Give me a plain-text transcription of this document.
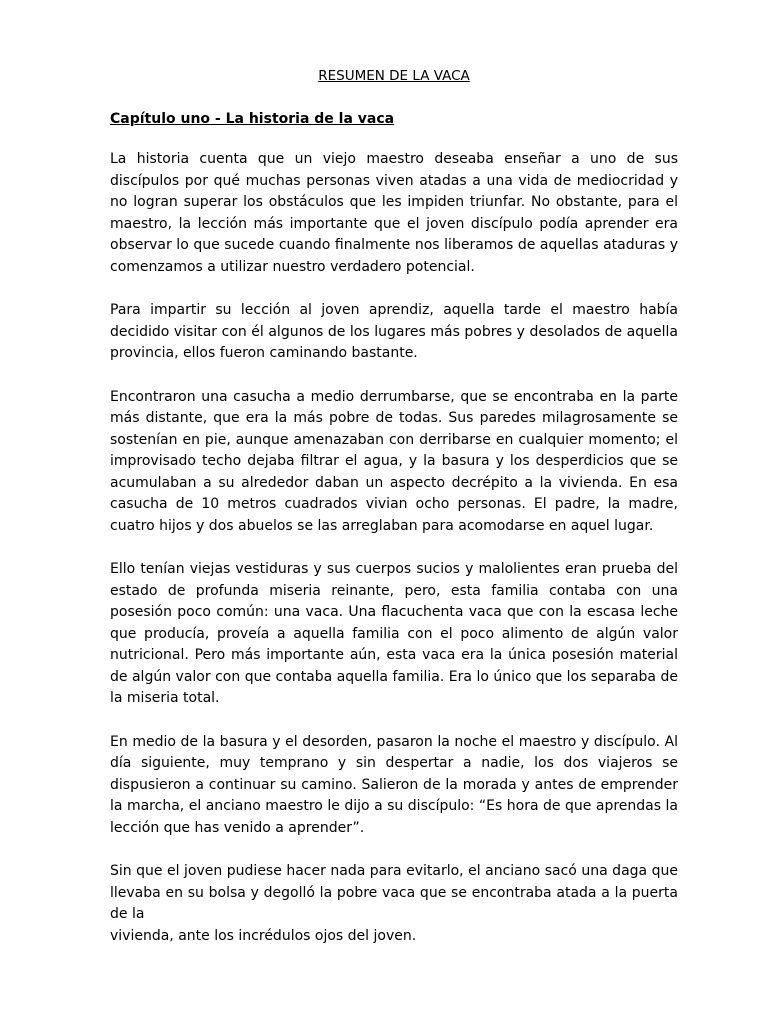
RESUMEN DE LA VACA
Capítulo uno - La historia de la vaca

La historia cuenta que un viejo maestro deseaba enseñar a uno de sus discípulos por qué muchas personas viven atadas a una vida de mediocridad y no logran superar los obstáculos que les impiden triunfar. No obstante, para el maestro, la lección más importante que el joven discípulo podía aprender era observar lo que sucede cuando finalmente nos liberamos de aquellas ataduras y comenzamos a utilizar nuestro verdadero potencial.

Para impartir su lección al joven aprendiz, aquella tarde el maestro había decidido visitar con él algunos de los lugares más pobres y desolados de aquella provincia, ellos fueron caminando bastante.

Encontraron una casucha a medio derrumbarse, que se encontraba en la parte más distante, que era la más pobre de todas. Sus paredes milagrosamente se sostenían en pie, aunque amenazaban con derribarse en cualquier momento; el improvisado techo dejaba filtrar el agua, y la basura y los desperdicios que se acumulaban a su alrededor daban un aspecto decrépito a la vivienda. En esa casucha de 10 metros cuadrados vivian ocho personas. El padre, la madre, cuatro hijos y dos abuelos se las arreglaban para acomodarse en aquel lugar.

Ello tenían viejas vestiduras y sus cuerpos sucios y malolientes eran prueba del estado de profunda miseria reinante, pero, esta familia contaba con una posesión poco común: una vaca. Una flacuchenta vaca que con la escasa leche que producía, proveía a aquella familia con el poco alimento de algún valor nutricional. Pero más importante aún, esta vaca era la única posesión material de algún valor con que contaba aquella familia. Era lo único que los separaba de la miseria total.

En medio de la basura y el desorden, pasaron la noche el maestro y discípulo. Al día siguiente, muy temprano y sin despertar a nadie, los dos viajeros se dispusieron a continuar su camino. Salieron de la morada y antes de emprender la marcha, el anciano maestro le dijo a su discípulo: “Es hora de que aprendas la lección que has venido a aprender”.

Sin que el joven pudiese hacer nada para evitarlo, el anciano sacó una daga que llevaba en su bolsa y degolló la pobre vaca que se encontraba atada a la puerta de la
vivienda, ante los incrédulos ojos del joven.
